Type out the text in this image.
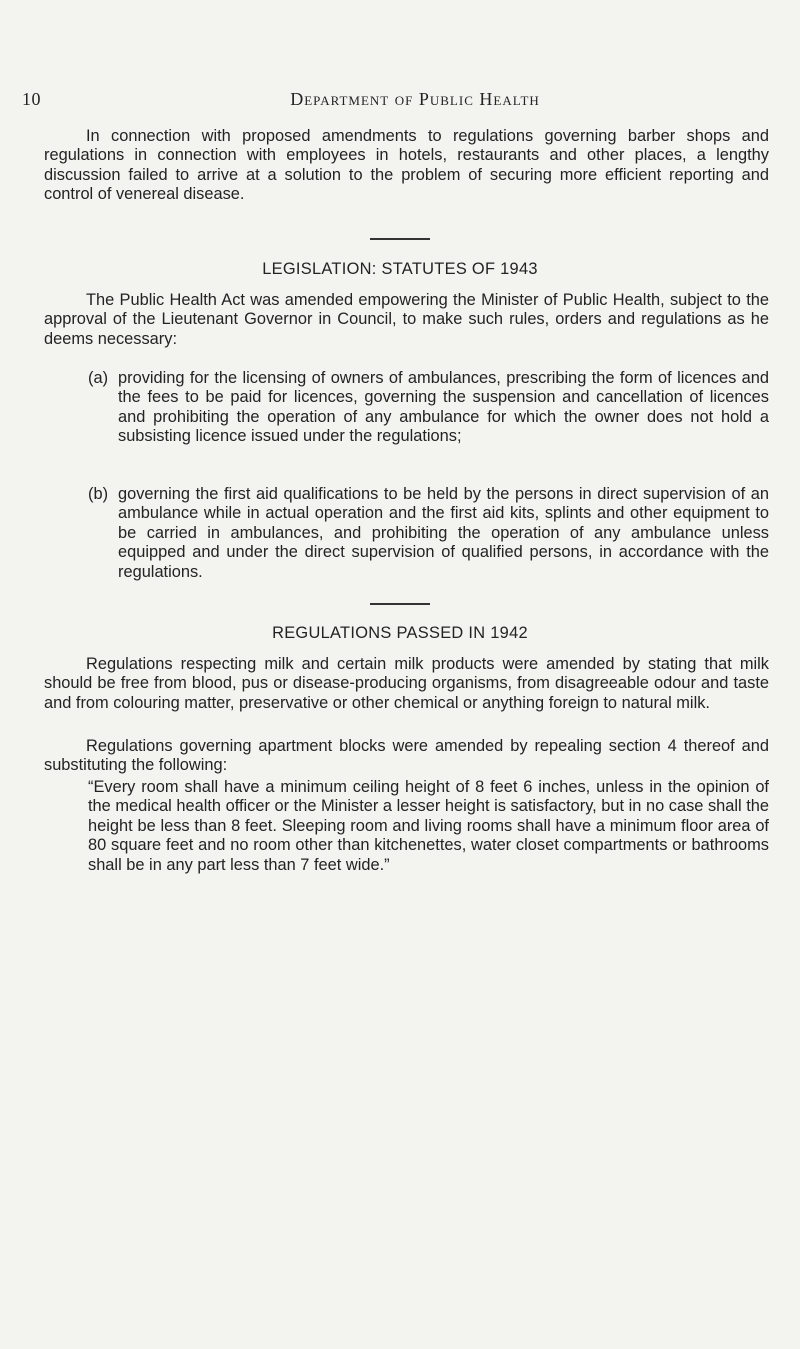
10	Department of Public Health

In connection with proposed amendments to regulations governing barber shops and regulations in connection with employees in hotels, restaurants and other places, a lengthy discussion failed to arrive at a solution to the problem of securing more efficient reporting and control of venereal disease.

LEGISLATION: STATUTES OF 1943

The Public Health Act was amended empowering the Minister of Public Health, subject to the approval of the Lieutenant Governor in Council, to make such rules, orders and regulations as he deems necessary:

(a) providing for the licensing of owners of ambulances, prescribing the form of licences and the fees to be paid for licences, governing the suspension and cancellation of licences and prohibiting the operation of any ambulance for which the owner does not hold a subsisting licence issued under the regulations;
(b) governing the first aid qualifications to be held by the persons in direct supervision of an ambulance while in actual operation and the first aid kits, splints and other equipment to be carried in ambulances, and prohibiting the operation of any ambulance unless equipped and under the direct supervision of qualified persons, in accordance with the regulations.
REGULATIONS PASSED IN 1942

Regulations respecting milk and certain milk products were amended by stating that milk should be free from blood, pus or disease-producing organisms, from disagreeable odour and taste and from colouring matter, preservative or other chemical or anything foreign to natural milk.

Regulations governing apartment blocks were amended by repealing section 4 thereof and substituting the following:

“Every room shall have a minimum ceiling height of 8 feet 6 inches, unless in the opinion of the medical health officer or the Minister a lesser height is satisfactory, but in no case shall the height be less than 8 feet. Sleeping room and living rooms shall have a minimum floor area of 80 square feet and no room other than kitchenettes, water closet compartments or bathrooms shall be in any part less than 7 feet wide.”
